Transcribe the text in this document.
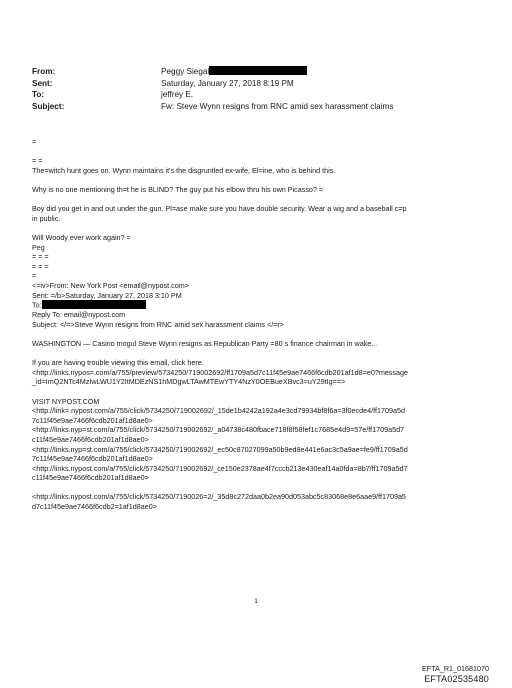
From:	Peggy Siegal
Sent:	Saturday, January 27, 2018 8:19 PM
To:	jeffrey E.
Subject:	Fw: Steve Wynn resigns from RNC amid sex harassment claims

=

= =

The=witch hunt goes on. Wynn maintains it's the disgruntled ex-wife, El=ine, who is behind this.

Why is no one mentioning th=t he is BLIND? The guy put his elbow thru his own Picasso? =

Boy did you get in and out under the gun. Pl=ase make sure you have double security. Wear a wig and a baseball c=p

in public.

Will Woody ever work again? =

Peg

= = =

= = =

=

<=iv>From: New York Post <email@nypost.com>

Sent: =/b>Saturday, January 27, 2018 3:10 PM

To:

Reply To: email@nypost.com

Subject: </=>Steve Wynn resigns from RNC amid sex harassment claims </=r>

WASHINGTON — Casino mogul Steve Wynn resigns as Republican Party =80 s finance chairman in wake...

If you are having trouble viewing this email, click here.

<http://links.nypos=.com/a/755/preview/5734250/719002692/ff1709a5d7c11f45e9ae7466f6cdb201af1d8=e0?message

_id=ImQ2NTc4MzIwLWU1Y2ItMDEzNS1hMDgwLTAwMTEwYTY4NzY0OEBueXBvc3=uY29tIg==>

VISIT NYPOST.COM

<http://link=.nypost.com/a/755/click/5734250/719002692/_15de1b4242a192a4e3cd79934bf8f6a=3f0ecde4/ff1709a5d

7c11f45e9ae7466f6cdb201af1d8ae0>

<http://links.nyp=st.com/a/755/click/5734250/719002692/_a04738c480fbace718f8f58fef1c7685e4d9=57e/ff1709a5d7

c11f45e9ae7466f6cdb201af1d8ae0>

<http://links.nyp=st.com/a/755/click/5734250/719002692/_ec50c87027099a50b9ed8e441e6ac3c5a9ae=fe9/ff1709a5d

7c11f45e9ae7466f6cdb201af1d8ae0>

<http://links.nypost.com/a/755/click/5734250/719002692/_ce150e2378ae4f7cccb213e430eaf14a0fda=8b7/ff1709a5d7

c11f45e9ae7466f6cdb201af1d8ae0>

<http://links.nypost.com/a/755/click/5734250/7190026=2/_35d8c272daa0b2ea90d053abc5c83068e8e6aae9/ff1709a5

d7c11f45e9ae7466f6cdb2=1af1d8ae0>

1
EFTA_R1_01681070
EFTA02535480
